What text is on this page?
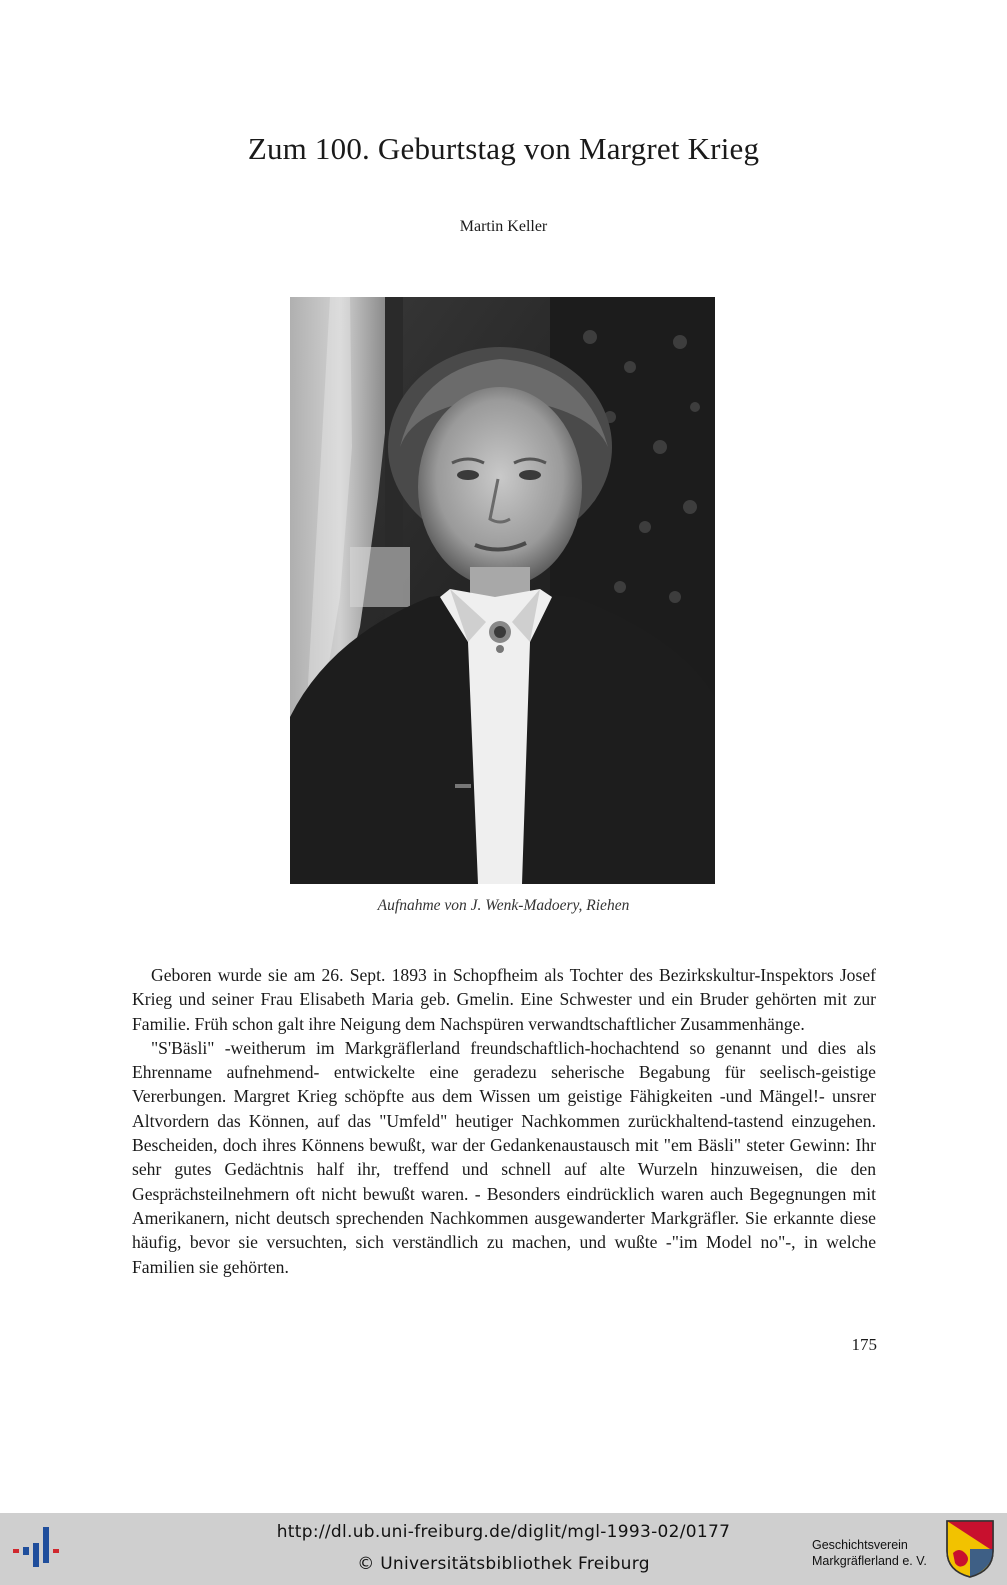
Zum 100. Geburtstag von Margret Krieg
Martin Keller
Aufnahme von J. Wenk-Madoery, Riehen

Geboren wurde sie am 26. Sept. 1893 in Schopfheim als Tochter des Bezirkskultur-Inspektors Josef Krieg und seiner Frau Elisabeth Maria geb. Gmelin. Eine Schwester und ein Bruder gehörten mit zur Familie. Früh schon galt ihre Neigung dem Nachspüren verwandtschaftlicher Zusammenhänge.

"S'Bäsli" -weitherum im Markgräflerland freundschaftlich-hochachtend so genannt und dies als Ehrenname aufnehmend- entwickelte eine geradezu seherische Begabung für seelisch-geistige Vererbungen. Margret Krieg schöpfte aus dem Wissen um geistige Fähigkeiten -und Mängel!- unsrer Altvordern das Können, auf das "Umfeld" heutiger Nachkommen zurückhaltend-tastend einzugehen. Bescheiden, doch ihres Könnens bewußt, war der Gedankenaustausch mit "em Bäsli" steter Gewinn: Ihr sehr gutes Gedächtnis half ihr, treffend und schnell auf alte Wurzeln hinzuweisen, die den Gesprächsteilnehmern oft nicht bewußt waren. - Besonders eindrücklich waren auch Begegnungen mit Amerikanern, nicht deutsch sprechenden Nachkommen ausgewanderter Markgräfler. Sie erkannte diese häufig, bevor sie versuchten, sich verständlich zu machen, und wußte -"im Model no"-, in welche Familien sie gehörten.

175
http://dl.ub.uni-freiburg.de/diglit/mgl-1993-02/0177
© Universitätsbibliothek Freiburg
Geschichtsverein
Markgräflerland e. V.
